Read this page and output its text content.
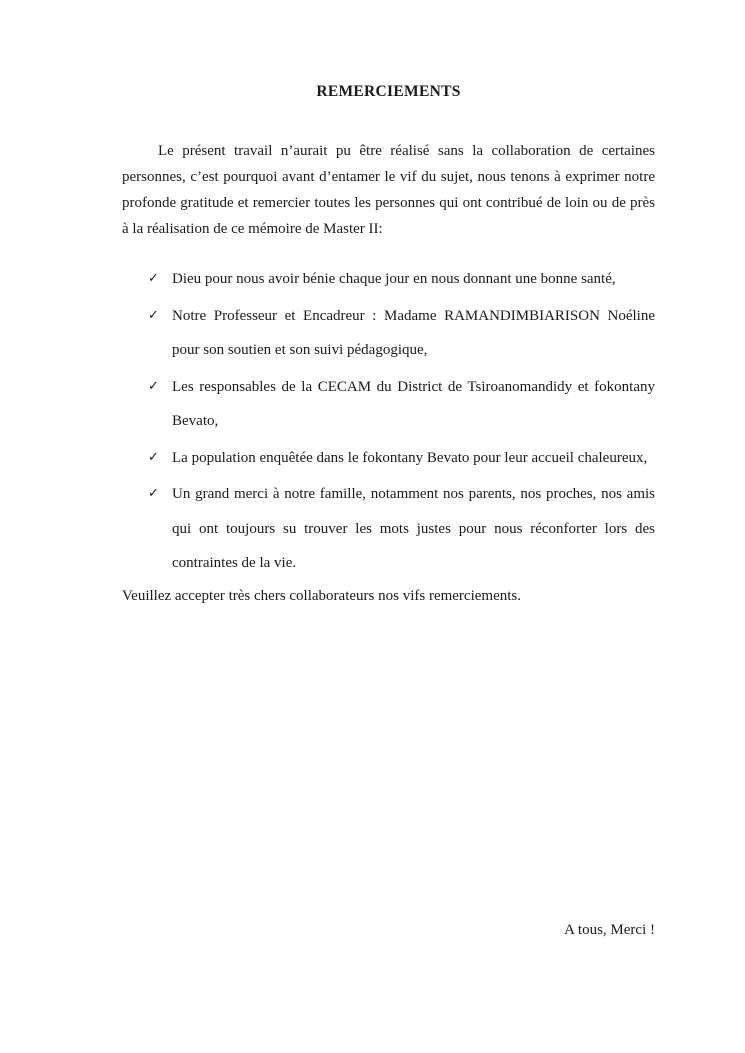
REMERCIEMENTS

Le présent travail n’aurait pu être réalisé sans la collaboration de certaines personnes, c’est pourquoi avant d’entamer le vif du sujet, nous tenons à exprimer notre profonde gratitude et remercier toutes les personnes qui ont contribué de loin ou de près à la réalisation de ce mémoire de Master II:

✓ Dieu pour nous avoir bénie chaque jour en nous donnant une bonne santé,
✓ Notre Professeur et Encadreur : Madame RAMANDIMBIARISON Noéline pour son soutien et son suivi pédagogique,
✓ Les responsables de la CECAM du District de Tsiroanomandidy et fokontany Bevato,
✓ La population enquêtée dans le fokontany Bevato pour leur accueil chaleureux,
✓ Un grand merci à notre famille, notamment nos parents, nos proches, nos amis qui ont toujours su trouver les mots justes pour nous réconforter lors des contraintes de la vie.

Veuillez accepter très chers collaborateurs nos vifs remerciements.

A tous, Merci !
